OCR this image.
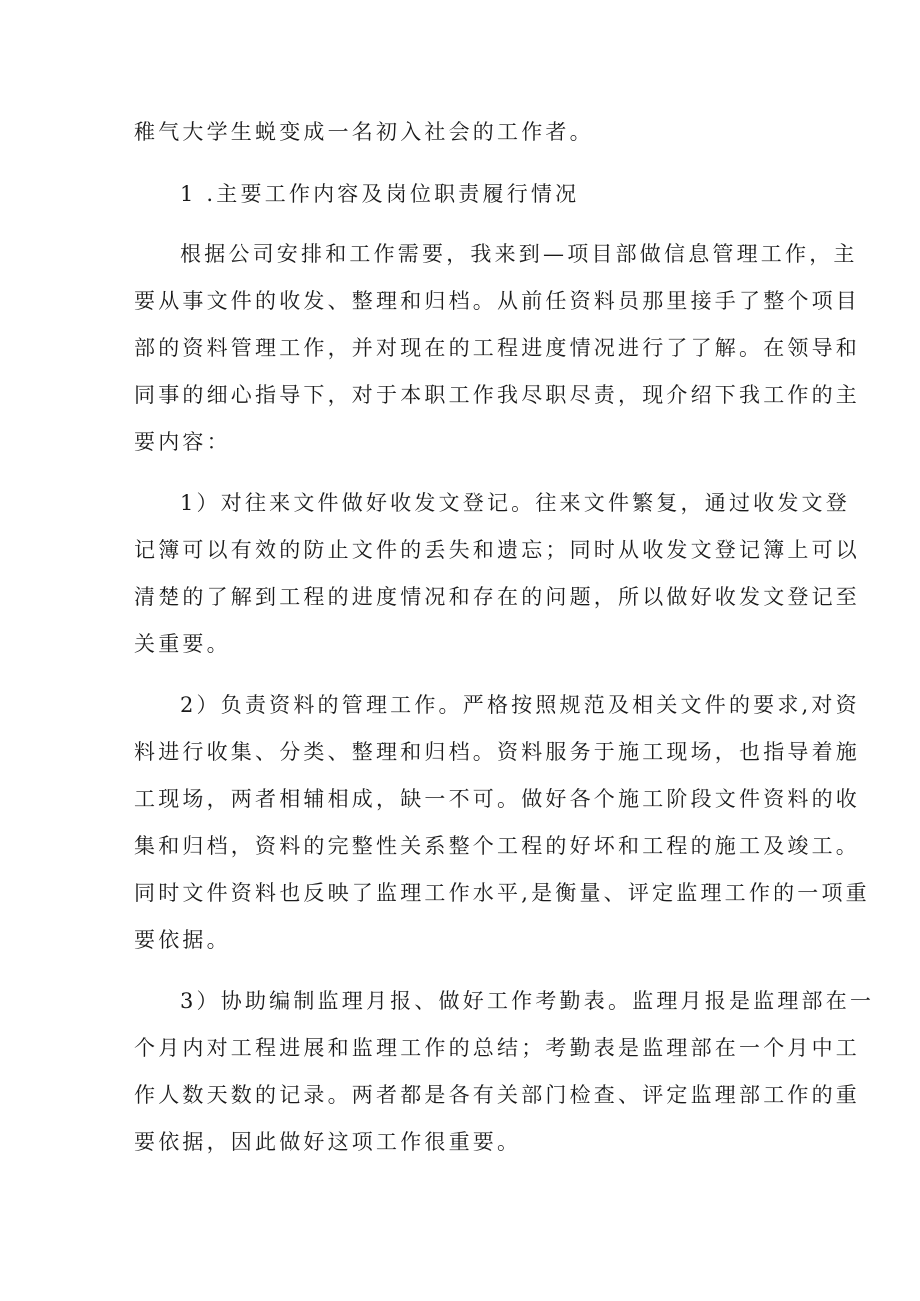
稚气大学生蜕变成一名初入社会的工作者。
1 .主要工作内容及岗位职责履行情况
根据公司安排和工作需要，我来到—项目部做信息管理工作，主
要从事文件的收发、整理和归档。从前任资料员那里接手了整个项目
部的资料管理工作，并对现在的工程进度情况进行了了解。在领导和
同事的细心指导下，对于本职工作我尽职尽责，现介绍下我工作的主
要内容：
1）对往来文件做好收发文登记。往来文件繁复，通过收发文登
记簿可以有效的防止文件的丢失和遗忘；同时从收发文登记簿上可以
清楚的了解到工程的进度情况和存在的问题，所以做好收发文登记至
关重要。
2）负责资料的管理工作。严格按照规范及相关文件的要求,对资
料进行收集、分类、整理和归档。资料服务于施工现场，也指导着施
工现场，两者相辅相成，缺一不可。做好各个施工阶段文件资料的收
集和归档，资料的完整性关系整个工程的好坏和工程的施工及竣工。
同时文件资料也反映了监理工作水平,是衡量、评定监理工作的一项重
要依据。
3）协助编制监理月报、做好工作考勤表。监理月报是监理部在一
个月内对工程进展和监理工作的总结；考勤表是监理部在一个月中工
作人数天数的记录。两者都是各有关部门检查、评定监理部工作的重
要依据，因此做好这项工作很重要。
